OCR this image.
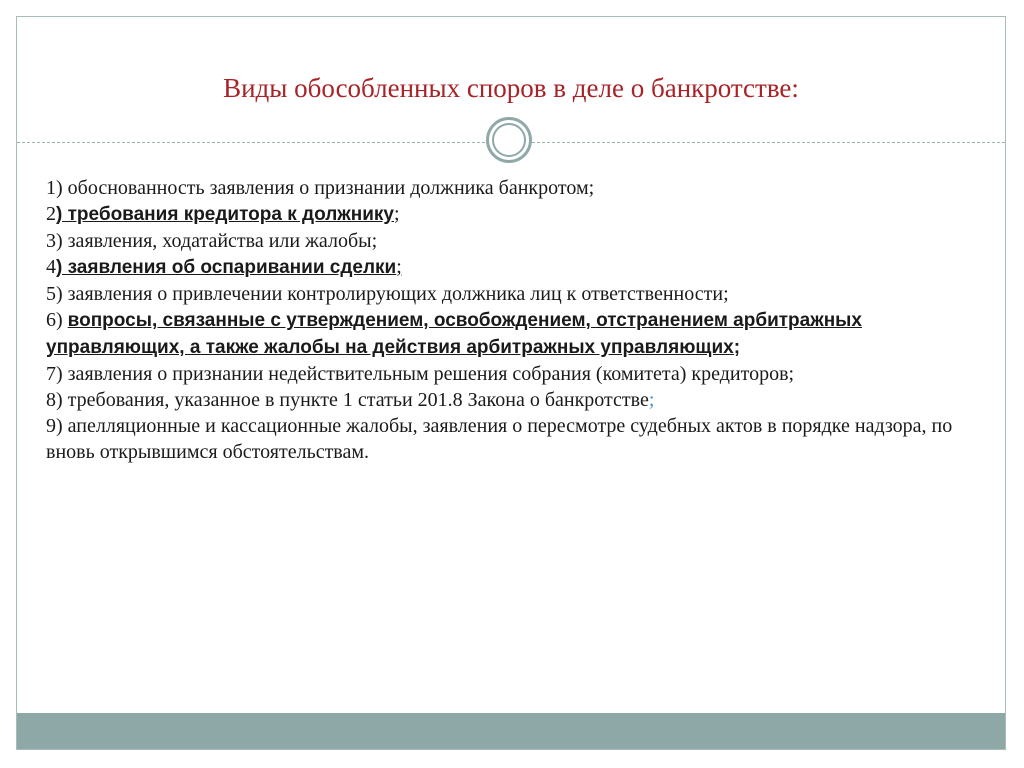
Виды обособленных споров в деле о банкротстве:

1) обоснованность заявления о признании должника банкротом;

2) требования кредитора к должнику;

3) заявления, ходатайства или жалобы;

4) заявления об оспаривании сделки;

5) заявления о привлечении контролирующих должника лиц к ответственности;

6) вопросы, связанные с утверждением, освобождением, отстранением арбитражных управляющих, а также жалобы на действия арбитражных управляющих;

7) заявления о признании недействительным решения собрания (комитета) кредиторов;

8) требования, указанное в пункте 1 статьи 201.8 Закона о банкротстве;

9) апелляционные и кассационные жалобы, заявления о пересмотре судебных актов в порядке надзора, по вновь открывшимся обстоятельствам.
